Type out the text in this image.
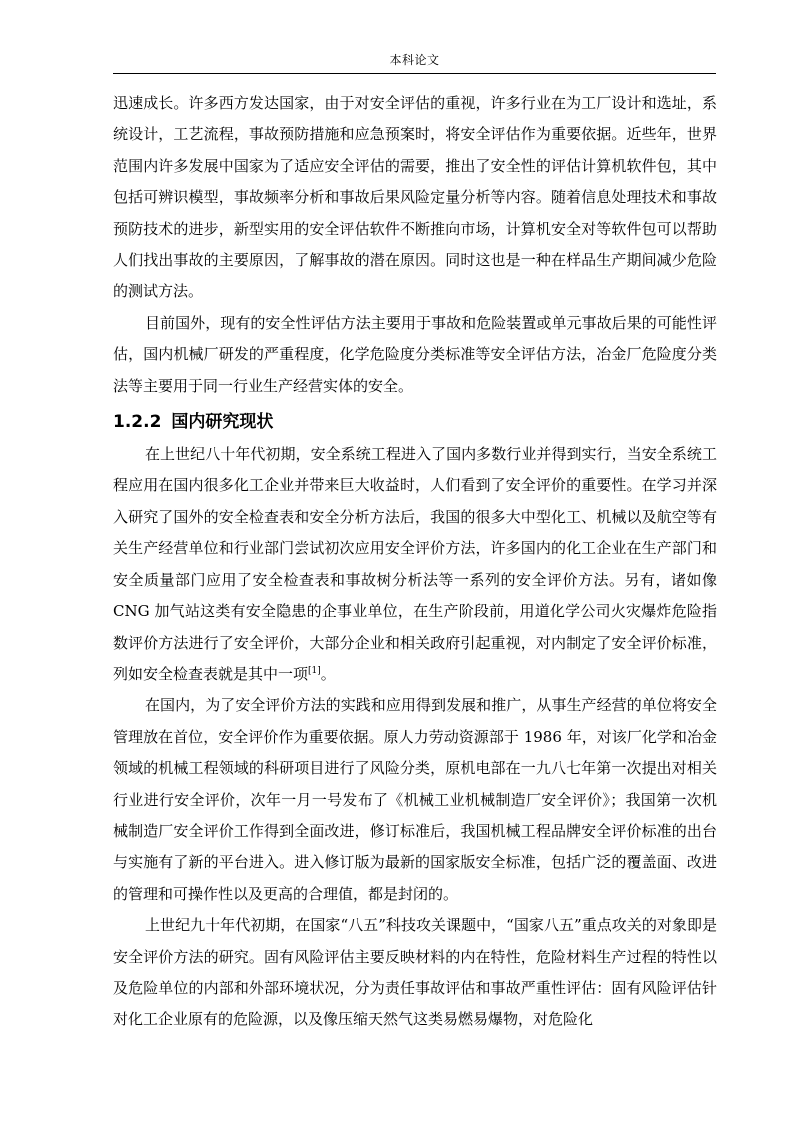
本科论文

迅速成长。许多西方发达国家，由于对安全评估的重视，许多行业在为工厂设计和选址，系统设计，工艺流程，事故预防措施和应急预案时，将安全评估作为重要依据。近些年，世界范围内许多发展中国家为了适应安全评估的需要，推出了安全性的评估计算机软件包，其中包括可辨识模型，事故频率分析和事故后果风险定量分析等内容。随着信息处理技术和事故预防技术的进步，新型实用的安全评估软件不断推向市场，计算机安全对等软件包可以帮助人们找出事故的主要原因，了解事故的潜在原因。同时这也是一种在样品生产期间减少危险的测试方法。

目前国外，现有的安全性评估方法主要用于事故和危险装置或单元事故后果的可能性评估，国内机械厂研发的严重程度，化学危险度分类标准等安全评估方法，冶金厂危险度分类法等主要用于同一行业生产经营实体的安全。

1.2.2 国内研究现状

在上世纪八十年代初期，安全系统工程进入了国内多数行业并得到实行，当安全系统工程应用在国内很多化工企业并带来巨大收益时，人们看到了安全评价的重要性。在学习并深入研究了国外的安全检查表和安全分析方法后，我国的很多大中型化工、机械以及航空等有关生产经营单位和行业部门尝试初次应用安全评价方法，许多国内的化工企业在生产部门和安全质量部门应用了安全检查表和事故树分析法等一系列的安全评价方法。另有，诸如像 CNG 加气站这类有安全隐患的企事业单位，在生产阶段前，用道化学公司火灾爆炸危险指数评价方法进行了安全评价，大部分企业和相关政府引起重视，对内制定了安全评价标准，列如安全检查表就是其中一项[1]。

在国内，为了安全评价方法的实践和应用得到发展和推广，从事生产经营的单位将安全管理放在首位，安全评价作为重要依据。原人力劳动资源部于 1986 年，对该厂化学和冶金领域的机械工程领域的科研项目进行了风险分类，原机电部在一九八七年第一次提出对相关行业进行安全评价，次年一月一号发布了《机械工业机械制造厂安全评价》；我国第一次机械制造厂安全评价工作得到全面改进，修订标准后，我国机械工程品牌安全评价标准的出台与实施有了新的平台进入。进入修订版为最新的国家版安全标准，包括广泛的覆盖面、改进的管理和可操作性以及更高的合理值，都是封闭的。

上世纪九十年代初期，在国家“八五”科技攻关课题中，“国家八五”重点攻关的对象即是安全评价方法的研究。固有风险评估主要反映材料的内在特性，危险材料生产过程的特性以及危险单位的内部和外部环境状况，分为责任事故评估和事故严重性评估：固有风险评估针对化工企业原有的危险源，以及像压缩天然气这类易燃易爆物，对危险化
